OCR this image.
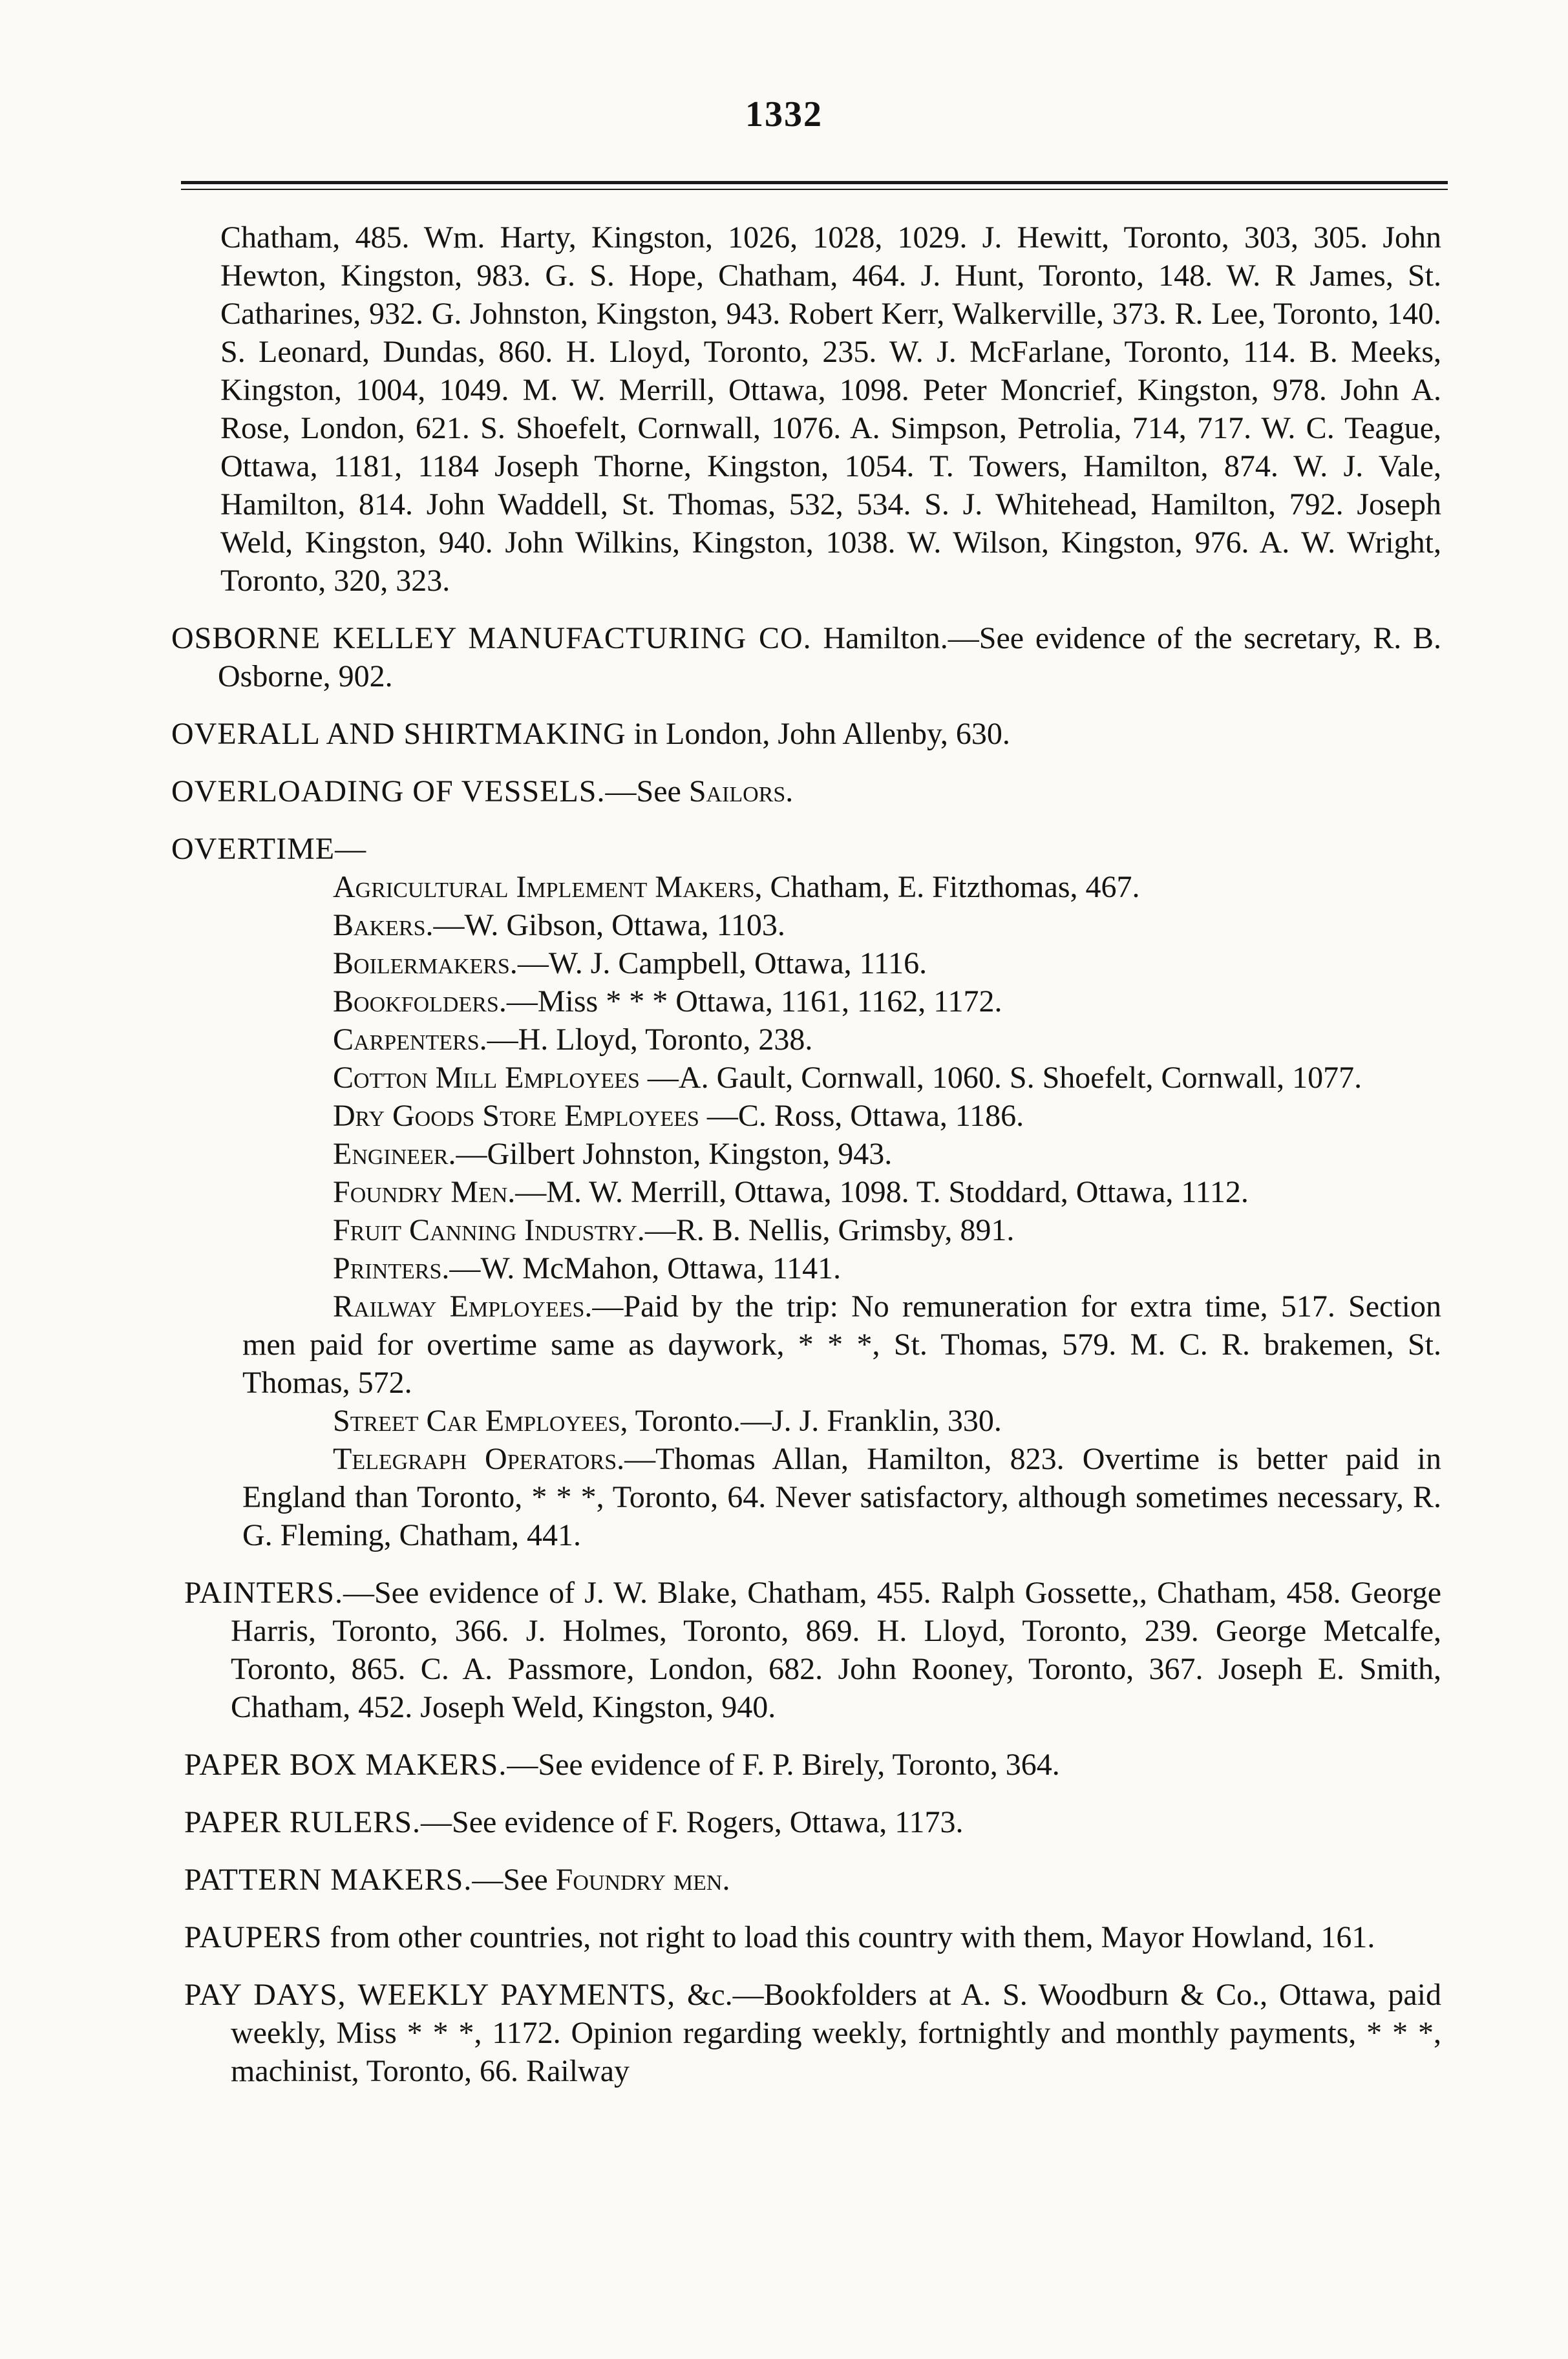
1332

Chatham, 485. Wm. Harty, Kingston, 1026, 1028, 1029. J. Hewitt, Toronto, 303, 305. John Hewton, Kingston, 983. G. S. Hope, Chatham, 464. J. Hunt, Toronto, 148. W. R James, St. Catharines, 932. G. Johnston, Kingston, 943. Robert Kerr, Walkerville, 373. R. Lee, Toronto, 140. S. Leonard, Dundas, 860. H. Lloyd, Toronto, 235. W. J. McFarlane, Toronto, 114. B. Meeks, Kingston, 1004, 1049. M. W. Merrill, Ottawa, 1098. Peter Moncrief, Kingston, 978. John A. Rose, London, 621. S. Shoefelt, Cornwall, 1076. A. Simpson, Petrolia, 714, 717. W. C. Teague, Ottawa, 1181, 1184 Joseph Thorne, Kingston, 1054. T. Towers, Hamilton, 874. W. J. Vale, Hamilton, 814. John Waddell, St. Thomas, 532, 534. S. J. Whitehead, Hamilton, 792. Joseph Weld, Kingston, 940. John Wilkins, Kingston, 1038. W. Wilson, Kingston, 976. A. W. Wright, Toronto, 320, 323.

OSBORNE KELLEY MANUFACTURING CO. Hamilton.—See evidence of the secretary, R. B. Osborne, 902.

OVERALL AND SHIRTMAKING in London, John Allenby, 630.

OVERLOADING OF VESSELS.—See Sailors.

OVERTIME—

Agricultural Implement Makers, Chatham, E. Fitzthomas, 467.

Bakers.—W. Gibson, Ottawa, 1103.

Boilermakers.—W. J. Campbell, Ottawa, 1116.

Bookfolders.—Miss * * * Ottawa, 1161, 1162, 1172.

Carpenters.—H. Lloyd, Toronto, 238.

Cotton Mill Employees —A. Gault, Cornwall, 1060. S. Shoefelt, Cornwall, 1077.

Dry Goods Store Employees —C. Ross, Ottawa, 1186.

Engineer.—Gilbert Johnston, Kingston, 943.

Foundry Men.—M. W. Merrill, Ottawa, 1098. T. Stoddard, Ottawa, 1112.

Fruit Canning Industry.—R. B. Nellis, Grimsby, 891.

Printers.—W. McMahon, Ottawa, 1141.

Railway Employees.—Paid by the trip: No remuneration for extra time, 517. Section men paid for overtime same as daywork, * * *, St. Thomas, 579. M. C. R. brakemen, St. Thomas, 572.

Street Car Employees, Toronto.—J. J. Franklin, 330.

Telegraph Operators.—Thomas Allan, Hamilton, 823. Overtime is better paid in England than Toronto, * * *, Toronto, 64. Never satisfactory, although sometimes necessary, R. G. Fleming, Chatham, 441.

PAINTERS.—See evidence of J. W. Blake, Chatham, 455. Ralph Gossette,, Chatham, 458. George Harris, Toronto, 366. J. Holmes, Toronto, 869. H. Lloyd, Toronto, 239. George Metcalfe, Toronto, 865. C. A. Passmore, London, 682. John Rooney, Toronto, 367. Joseph E. Smith, Chatham, 452. Joseph Weld, Kingston, 940.

PAPER BOX MAKERS.—See evidence of F. P. Birely, Toronto, 364.

PAPER RULERS.—See evidence of F. Rogers, Ottawa, 1173.

PATTERN MAKERS.—See Foundry men.

PAUPERS from other countries, not right to load this country with them, Mayor Howland, 161.

PAY DAYS, WEEKLY PAYMENTS, &c.—Bookfolders at A. S. Woodburn & Co., Ottawa, paid weekly, Miss * * *, 1172. Opinion regarding weekly, fortnightly and monthly payments, * * *, machinist, Toronto, 66. Railway
